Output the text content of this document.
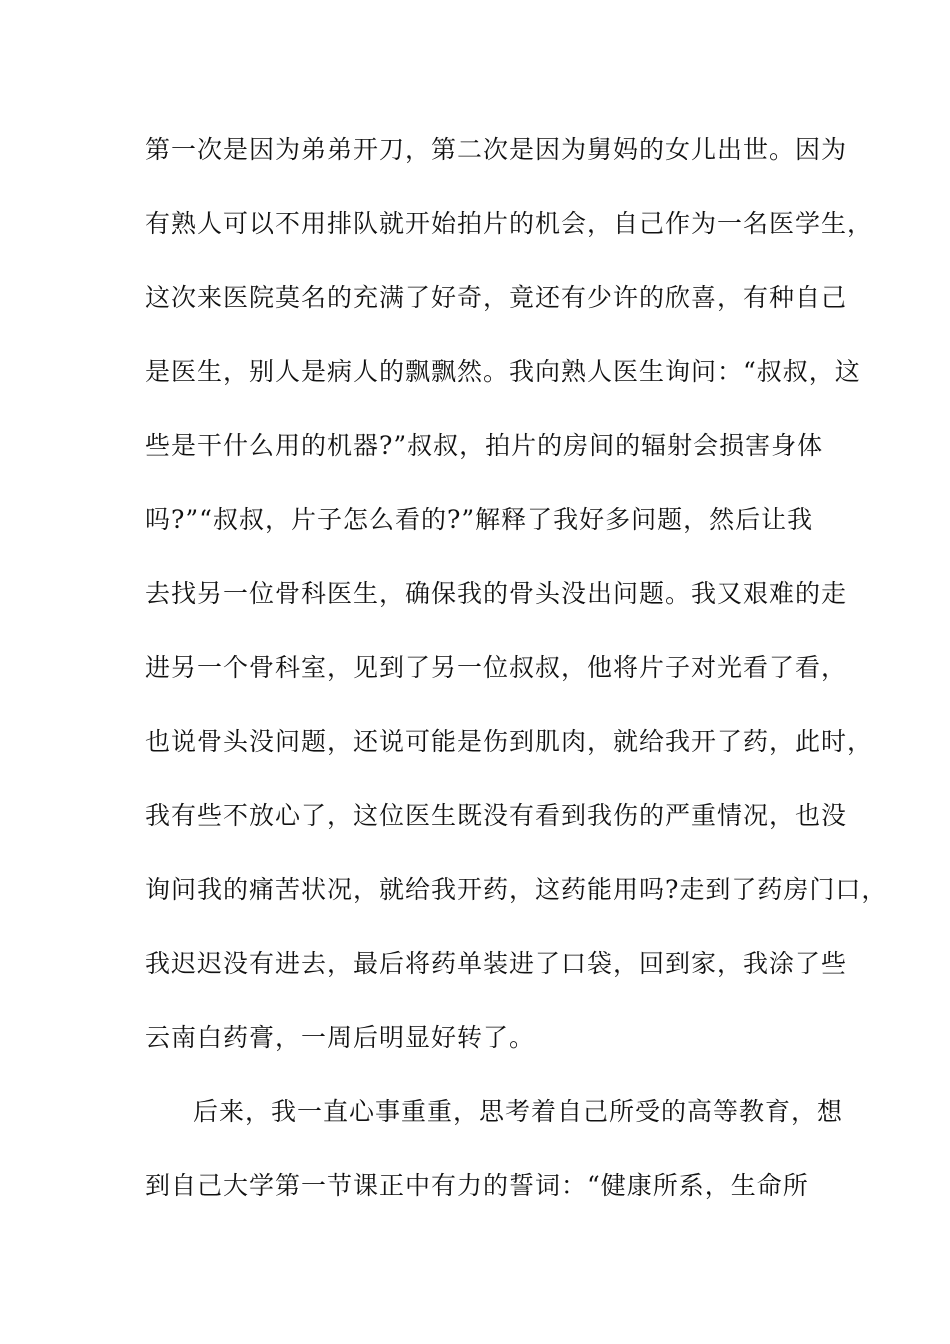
第一次是因为弟弟开刀，第二次是因为舅妈的女儿出世。因为
有熟人可以不用排队就开始拍片的机会，自己作为一名医学生，
这次来医院莫名的充满了好奇，竟还有少许的欣喜，有种自己
是医生，别人是病人的飘飘然。我向熟人医生询问：“叔叔，这
些是干什么用的机器?”叔叔，拍片的房间的辐射会损害身体
吗?”“叔叔，片子怎么看的?”解释了我好多问题，然后让我
去找另一位骨科医生，确保我的骨头没出问题。我又艰难的走
进另一个骨科室，见到了另一位叔叔，他将片子对光看了看，
也说骨头没问题，还说可能是伤到肌肉，就给我开了药，此时，
我有些不放心了，这位医生既没有看到我伤的严重情况，也没
询问我的痛苦状况，就给我开药，这药能用吗?走到了药房门口，
我迟迟没有进去，最后将药单装进了口袋，回到家，我涂了些
云南白药膏，一周后明显好转了。
后来，我一直心事重重，思考着自己所受的高等教育，想
到自己大学第一节课正中有力的誓词：“健康所系，生命所
